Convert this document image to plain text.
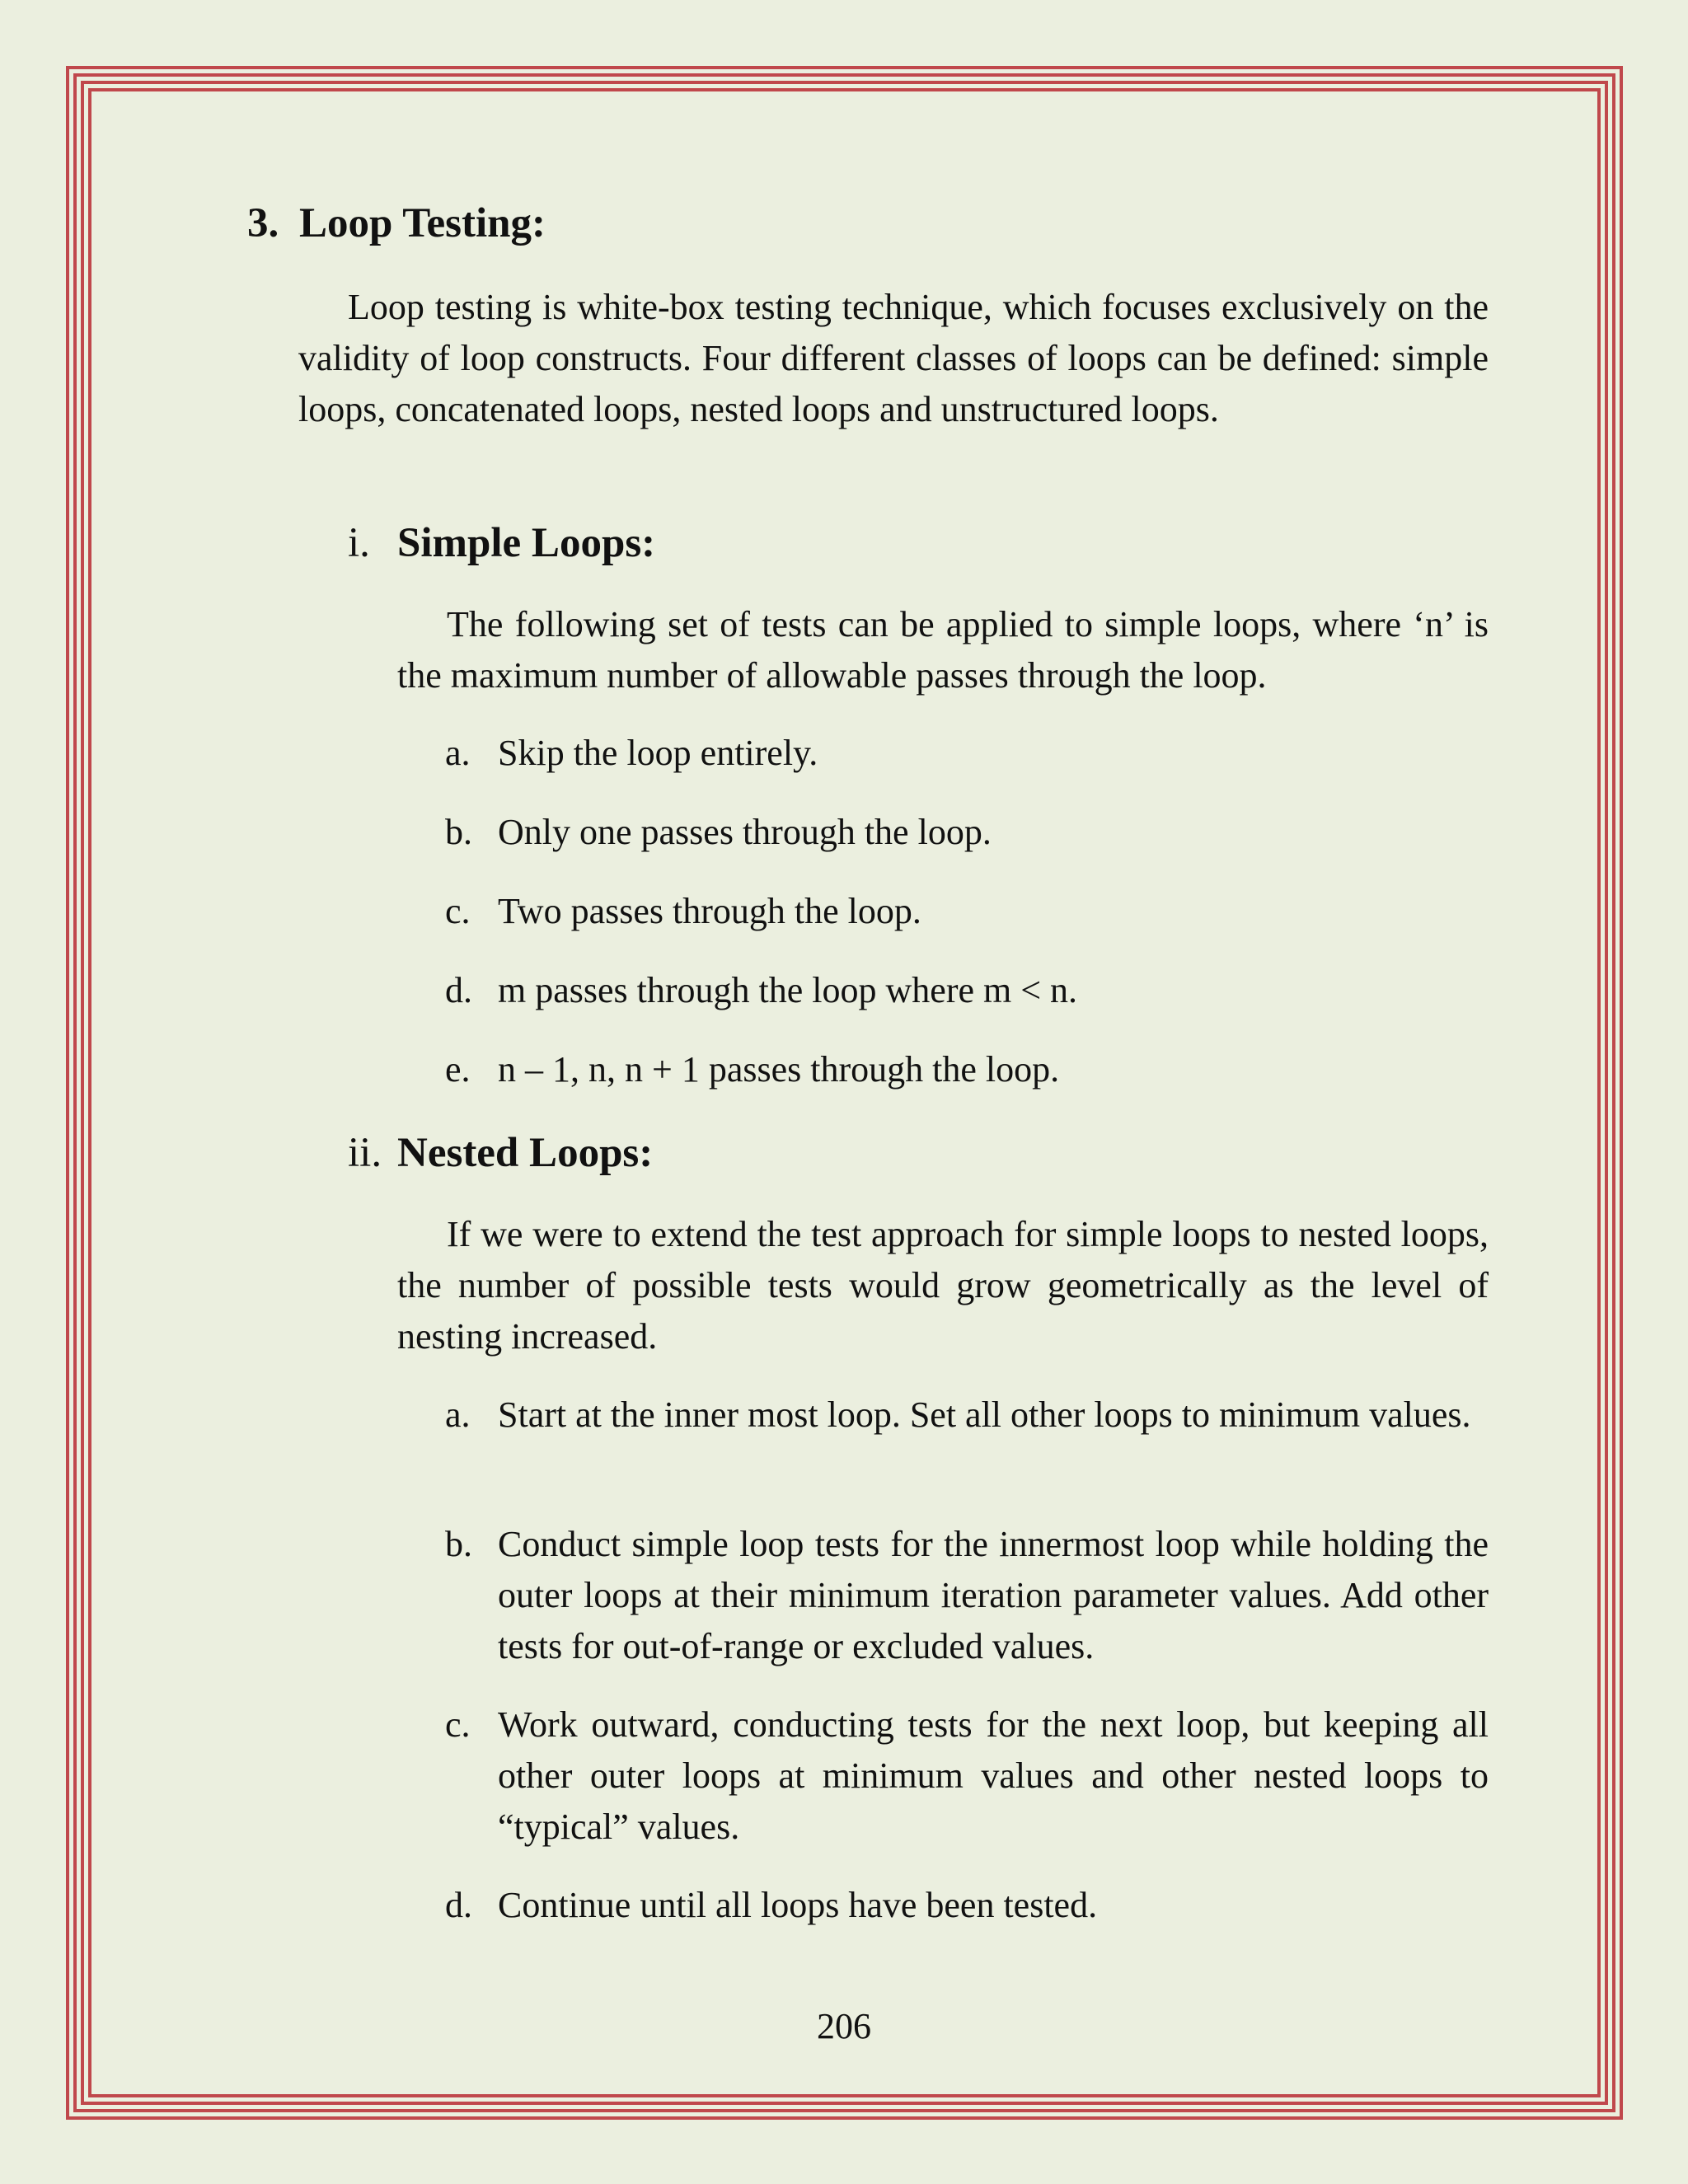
3. Loop Testing:
Loop testing is white-box testing technique, which focuses exclusively on the validity of loop constructs. Four different classes of loops can be defined: simple loops, concatenated loops, nested loops and unstructured loops.
i. Simple Loops:
The following set of tests can be applied to simple loops, where ‘n’ is the maximum number of allowable passes through the loop.
a. Skip the loop entirely.
b. Only one passes through the loop.
c. Two passes through the loop.
d. m passes through the loop where m < n.
e. n – 1, n, n + 1 passes through the loop.
ii. Nested Loops:
If we were to extend the test approach for simple loops to nested loops, the number of possible tests would grow geometrically as the level of nesting increased.
a. Start at the inner most loop. Set all other loops to minimum values.
b. Conduct simple loop tests for the innermost loop while holding the outer loops at their minimum iteration parameter values. Add other tests for out-of-range or excluded values.
c. Work outward, conducting tests for the next loop, but keeping all other outer loops at minimum values and other nested loops to “typical” values.
d. Continue until all loops have been tested.
206
